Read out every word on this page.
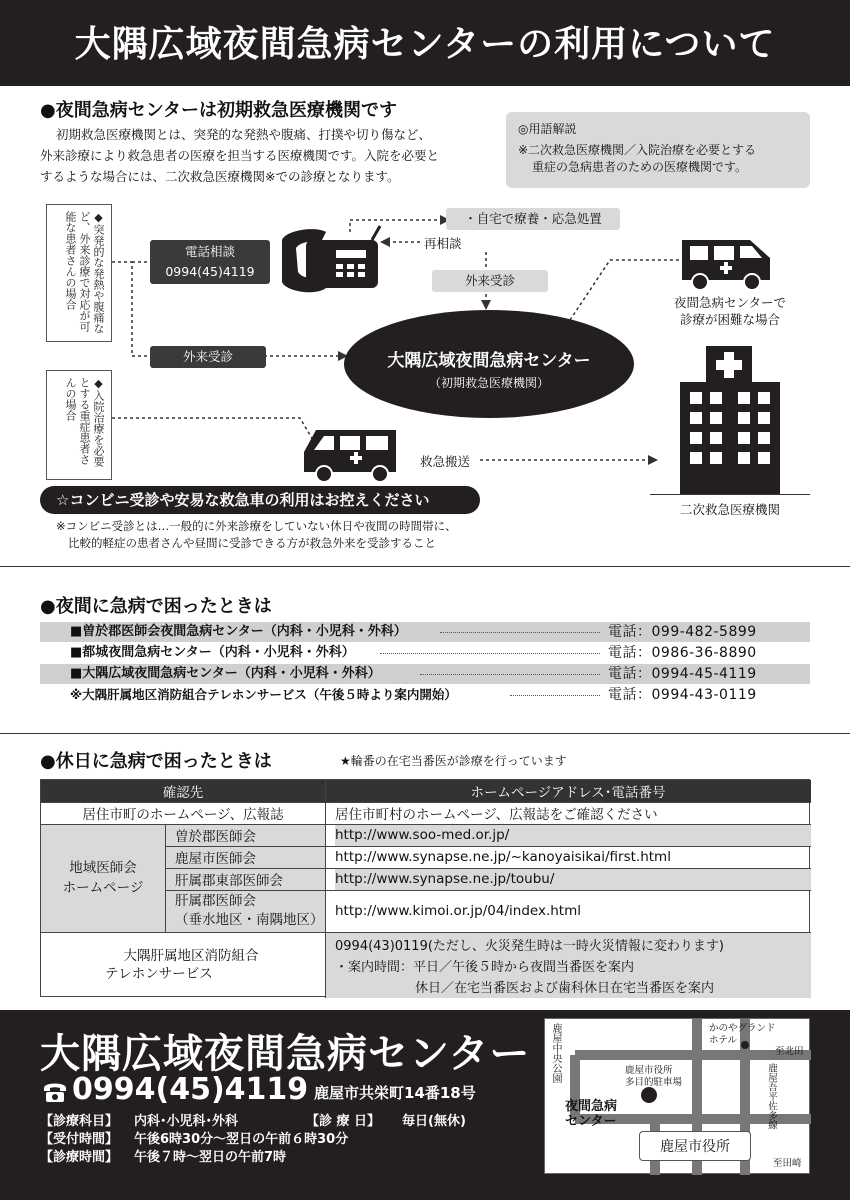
大隅広域夜間急病センターの利用について
●夜間急病センターは初期救急医療機関です
初期救急医療機関とは、突発的な発熱や腹痛、打撲や切り傷など、
外来診療により救急患者の医療を担当する医療機関です。入院を必要と
するような場合には、二次救急医療機関※での診療となります。
◎用語解説
※二次救急医療機関／入院治療を必要とする
重症の急病患者のための医療機関です。
◆突発的な発熱や腹痛など、外来診療で対応が可能な患者さんの場合
◆入院治療を必要とする重症患者さんの場合
電話相談
0994(45)4119
・自宅で療養・応急処置
再相談
外来受診
外来受診	大隅広域夜間急病センター
（初期救急医療機関）
夜間急病センターで
診療が困難な場合
二次救急医療機関
救急搬送
☆コンビニ受診や安易な救急車の利用はお控えください
※コンビニ受診とは…一般的に外来診療をしていない休日や夜間の時間帯に、
比較的軽症の患者さんや昼間に受診できる方が救急外来を受診すること
●夜間に急病で困ったときは
■曽於郡医師会夜間急病センター（内科・小児科・外科）	電話：099-482-5899
■都城夜間急病センター（内科・小児科・外科）	電話：0986-36-8890
■大隅広域夜間急病センター（内科・小児科・外科）	電話：0994-45-4119
※大隅肝属地区消防組合テレホンサービス（午後５時より案内開始）	電話：0994-43-0119
●休日に急病で困ったときは	★輪番の在宅当番医が診療を行っています
確認先	ホームページアドレス･電話番号
居住市町のホームページ、広報誌	居住市町村のホームページ、広報誌をご確認ください
地域医師会
ホームページ
曽於郡医師会	http://www.soo-med.or.jp/
鹿屋市医師会	http://www.synapse.ne.jp/~kanoyaisikai/first.html
肝属郡東部医師会	http://www.synapse.ne.jp/toubu/
肝属郡医師会
（垂水地区・南隅地区）
http://www.kimoi.or.jp/04/index.html
大隅肝属地区消防組合
テレホンサービス
0994(43)0119(ただし、火災発生時は一時火災情報に変わります)
・案内時間：平日／午後５時から夜間当番医を案内
休日／在宅当番医および歯科休日在宅当番医を案内
大隅広域夜間急病センター
0994(45)4119 鹿屋市共栄町14番18号
【診療科目】 内科･小児科･外科	【診 療 日】 毎日(無休)
【受付時間】 午後6時30分～翌日の午前６時30分
【診療時間】 午後７時～翌日の午前7時
鹿屋中央公園	かのやグランド
ホテル
至北田
鹿屋吾平佐多線
鹿屋市役所
多目的駐車場
夜間急病
センター
鹿屋市役所
至田崎
